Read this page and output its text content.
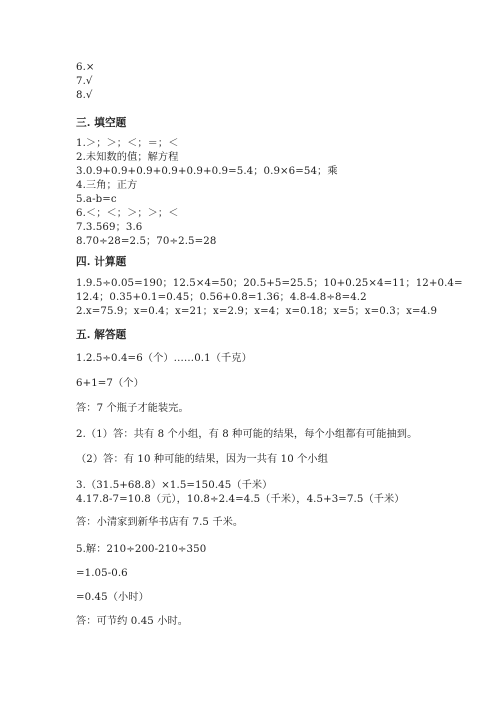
6.×
7.√
8.√
三. 填空题
1.＞；＞；＜；＝；＜
2.未知数的值；解方程
3.0.9+0.9+0.9+0.9+0.9+0.9=5.4；0.9×6=54；乘
4.三角；正方
5.a-b=c
6.＜；＜；＞；＞；＜
7.3.569；3.6
8.70÷28=2.5；70÷2.5=28
四. 计算题
1.9.5÷0.05=190；12.5×4=50；20.5+5=25.5；10+0.25×4=11；12+0.4=
12.4；0.35+0.1=0.45；0.56+0.8=1.36；4.8-4.8÷8=4.2
2.x=75.9；x=0.4；x=21；x=2.9；x=4；x=0.18；x=5；x=0.3；x=4.9
五. 解答题
1.2.5÷0.4=6（个）……0.1（千克）
6+1=7（个）
答：7 个瓶子才能装完。
2.（1）答：共有 8 个小组，有 8 种可能的结果，每个小组都有可能抽到。
（2）答：有 10 种可能的结果，因为一共有 10 个小组
3.（31.5+68.8）×1.5=150.45（千米）
4.17.8-7=10.8（元），10.8÷2.4=4.5（千米），4.5+3=7.5（千米）
答：小清家到新华书店有 7.5 千米。
5.解：210÷200-210÷350
=1.05-0.6
=0.45（小时）
答：可节约 0.45 小时。
